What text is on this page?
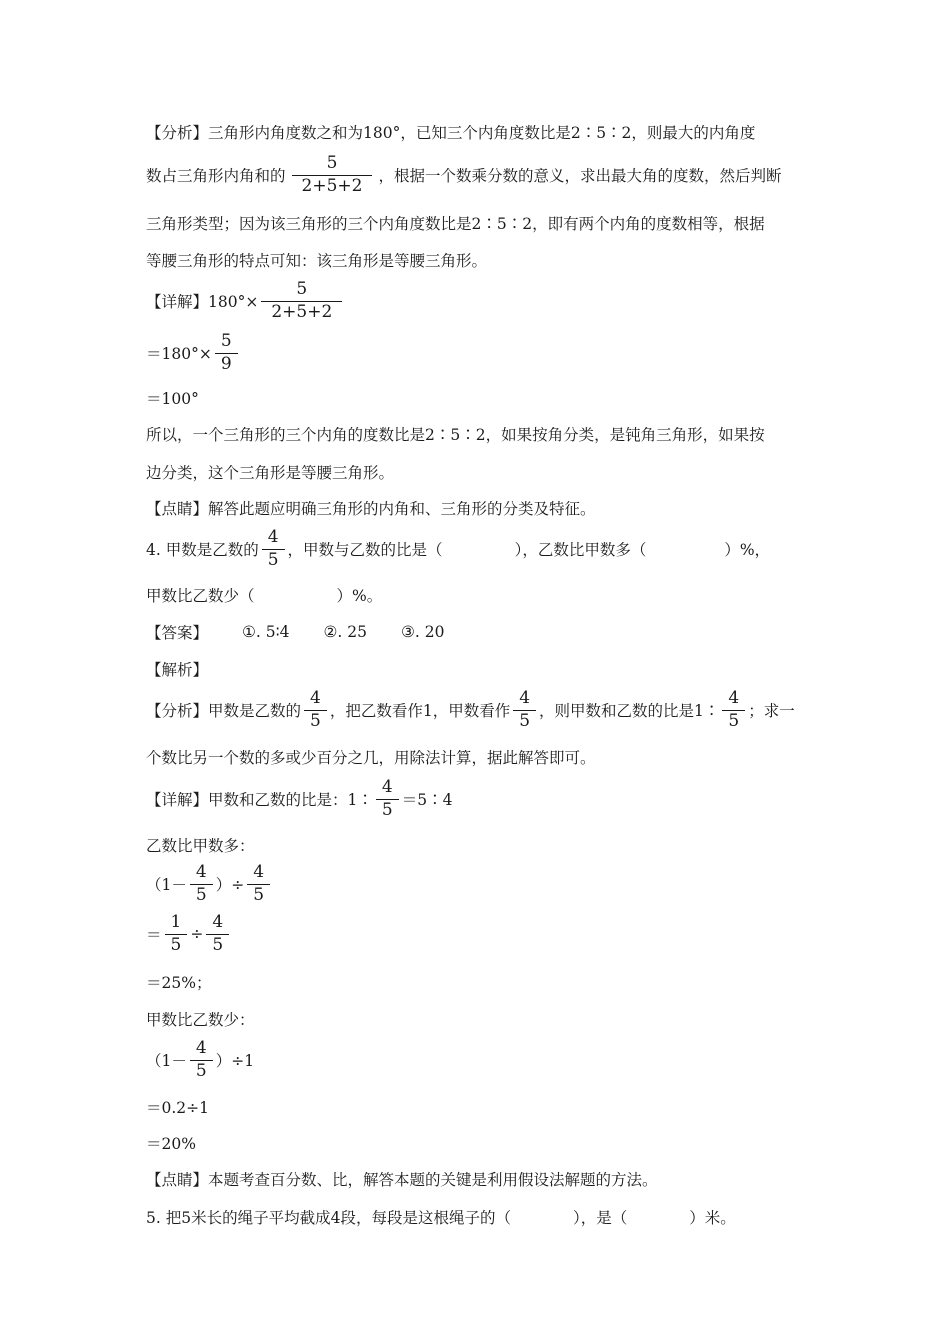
【分析】三角形内角度数之和为180°，已知三个内角度数比是2∶5∶2，则最大的内角度
数占三角形内角和的 $\frac{5}{2+5+2}$ ，根据一个数乘分数的意义，求出最大角的度数，然后判断
三角形类型；因为该三角形的三个内角度数比是2∶5∶2，即有两个内角的度数相等，根据
等腰三角形的特点可知：该三角形是等腰三角形。
【详解】$180^\circ\times \frac{5}{2+5+2}$
$=180^\circ\times \frac{5}{9}$
＝100°
所以，一个三角形的三个内角的度数比是2∶5∶2，如果按角分类，是钝角三角形，如果按
边分类，这个三角形是等腰三角形。
【点睛】解答此题应明确三角形的内角和、三角形的分类及特征。
4. 甲数是乙数的 $\frac{4}{5}$ ，甲数与乙数的比是（	），乙数比甲数多（	）%，
甲数比乙数少（	）%。
【答案】 ①. 5∶4 ②. 25 ③. 20
【解析】
【分析】甲数是乙数的 $\frac{4}{5}$ ，把乙数看作1，甲数看作 $\frac{4}{5}$ ，则甲数和乙数的比是1∶ $\frac{4}{5}$ ；求一
个数比另一个数的多或少百分之几，用除法计算，据此解答即可。
【详解】甲数和乙数的比是：1∶ $\frac{4}{5}$ ＝5∶4
乙数比甲数多：
（$1- \frac{4}{5}$ ）÷ $\frac{4}{5}$
＝ $\frac{1}{5} \div \frac{4}{5}$
＝25%；
甲数比乙数少：
$(1- \frac{4}{5} )\div 1$
＝0.2÷1
＝20%
【点睛】本题考查百分数、比，解答本题的关键是利用假设法解题的方法。
5. 把5米长的绳子平均截成4段，每段是这根绳子的（	），是（	）米。
